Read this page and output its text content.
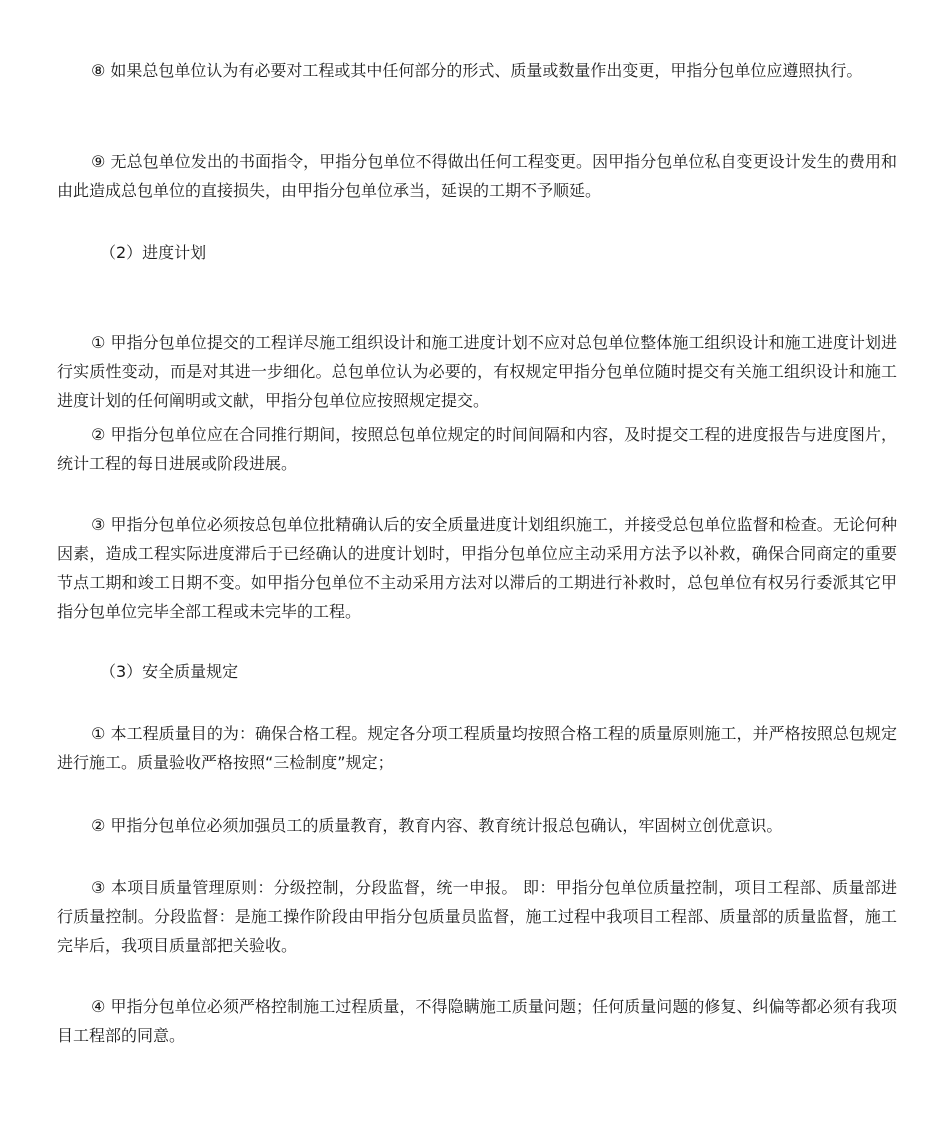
⑧ 如果总包单位认为有必要对工程或其中任何部分的形式、质量或数量作出变更，甲指分包单位应遵照执行。

⑨ 无总包单位发出的书面指令，甲指分包单位不得做出任何工程变更。因甲指分包单位私自变更设计发生的费用和由此造成总包单位的直接损失，由甲指分包单位承当，延误的工期不予顺延。

（2）进度计划

① 甲指分包单位提交的工程详尽施工组织设计和施工进度计划不应对总包单位整体施工组织设计和施工进度计划进行实质性变动，而是对其进一步细化。总包单位认为必要的，有权规定甲指分包单位随时提交有关施工组织设计和施工进度计划的任何阐明或文献，甲指分包单位应按照规定提交。

② 甲指分包单位应在合同推行期间，按照总包单位规定的时间间隔和内容，及时提交工程的进度报告与进度图片，统计工程的每日进展或阶段进展。

③ 甲指分包单位必须按总包单位批精确认后的安全质量进度计划组织施工，并接受总包单位监督和检查。无论何种因素，造成工程实际进度滞后于已经确认的进度计划时，甲指分包单位应主动采用方法予以补救，确保合同商定的重要节点工期和竣工日期不变。如甲指分包单位不主动采用方法对以滞后的工期进行补救时，总包单位有权另行委派其它甲指分包单位完毕全部工程或未完毕的工程。

（3）安全质量规定

① 本工程质量目的为：确保合格工程。规定各分项工程质量均按照合格工程的质量原则施工，并严格按照总包规定进行施工。质量验收严格按照“三检制度”规定；

② 甲指分包单位必须加强员工的质量教育，教育内容、教育统计报总包确认，牢固树立创优意识。

③ 本项目质量管理原则：分级控制，分段监督，统一申报。 即：甲指分包单位质量控制，项目工程部、质量部进行质量控制。分段监督：是施工操作阶段由甲指分包质量员监督，施工过程中我项目工程部、质量部的质量监督，施工完毕后，我项目质量部把关验收。

④ 甲指分包单位必须严格控制施工过程质量，不得隐瞒施工质量问题；任何质量问题的修复、纠偏等都必须有我项目工程部的同意。
